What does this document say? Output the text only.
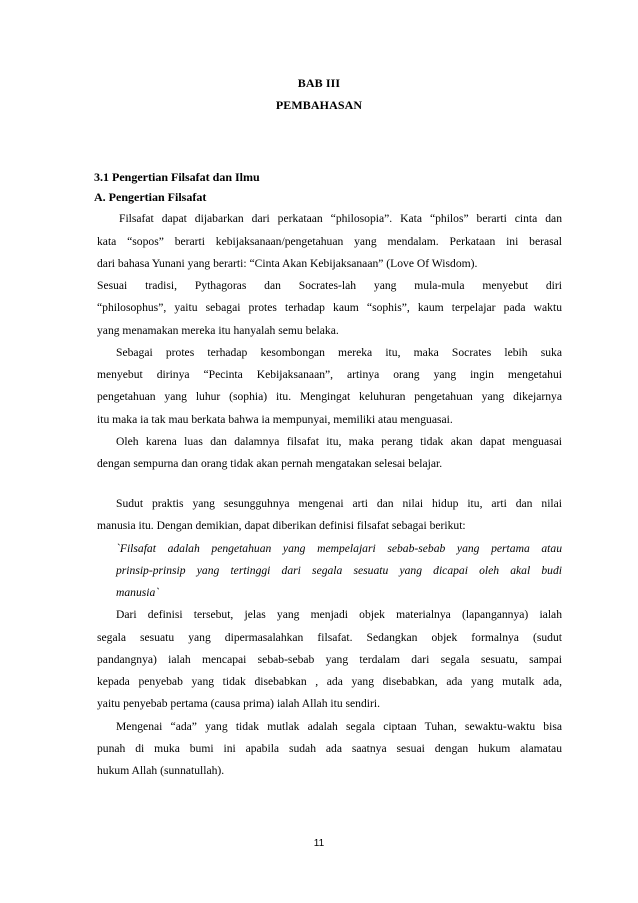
BAB III
PEMBAHASAN
3.1 Pengertian Filsafat dan Ilmu
A. Pengertian Filsafat
Filsafat dapat dijabarkan dari perkataan “philosopia”. Kata “philos” berarti cinta dan
kata “sopos” berarti kebijaksanaan/pengetahuan yang mendalam. Perkataan ini berasal
dari bahasa Yunani yang berarti: “Cinta Akan Kebijaksanaan” (Love Of Wisdom).
Sesuai tradisi, Pythagoras dan Socrates-lah yang mula-mula menyebut diri
“philosophus”, yaitu sebagai protes terhadap kaum “sophis”, kaum terpelajar pada waktu
yang menamakan mereka itu hanyalah semu belaka.
Sebagai protes terhadap kesombongan mereka itu, maka Socrates lebih suka
menyebut dirinya “Pecinta Kebijaksanaan”, artinya orang yang ingin mengetahui
pengetahuan yang luhur (sophia) itu. Mengingat keluhuran pengetahuan yang dikejarnya
itu maka ia tak mau berkata bahwa ia mempunyai, memiliki atau menguasai.
Oleh karena luas dan dalamnya filsafat itu, maka perang tidak akan dapat menguasai
dengan sempurna dan orang tidak akan pernah mengatakan selesai belajar.
Sudut praktis yang sesungguhnya mengenai arti dan nilai hidup itu, arti dan nilai
manusia itu. Dengan demikian, dapat diberikan definisi filsafat sebagai berikut:
`Filsafat adalah pengetahuan yang mempelajari sebab-sebab yang pertama atau
prinsip-prinsip yang tertinggi dari segala sesuatu yang dicapai oleh akal budi
manusia`
Dari definisi tersebut, jelas yang menjadi objek materialnya (lapangannya) ialah
segala sesuatu yang dipermasalahkan filsafat. Sedangkan objek formalnya (sudut
pandangnya) ialah mencapai sebab-sebab yang terdalam dari segala sesuatu, sampai
kepada penyebab yang tidak disebabkan , ada yang disebabkan, ada yang mutalk ada,
yaitu penyebab pertama (causa prima) ialah Allah itu sendiri.
Mengenai “ada” yang tidak mutlak adalah segala ciptaan Tuhan, sewaktu-waktu bisa
punah di muka bumi ini apabila sudah ada saatnya sesuai dengan hukum alamatau
hukum Allah (sunnatullah).
11
